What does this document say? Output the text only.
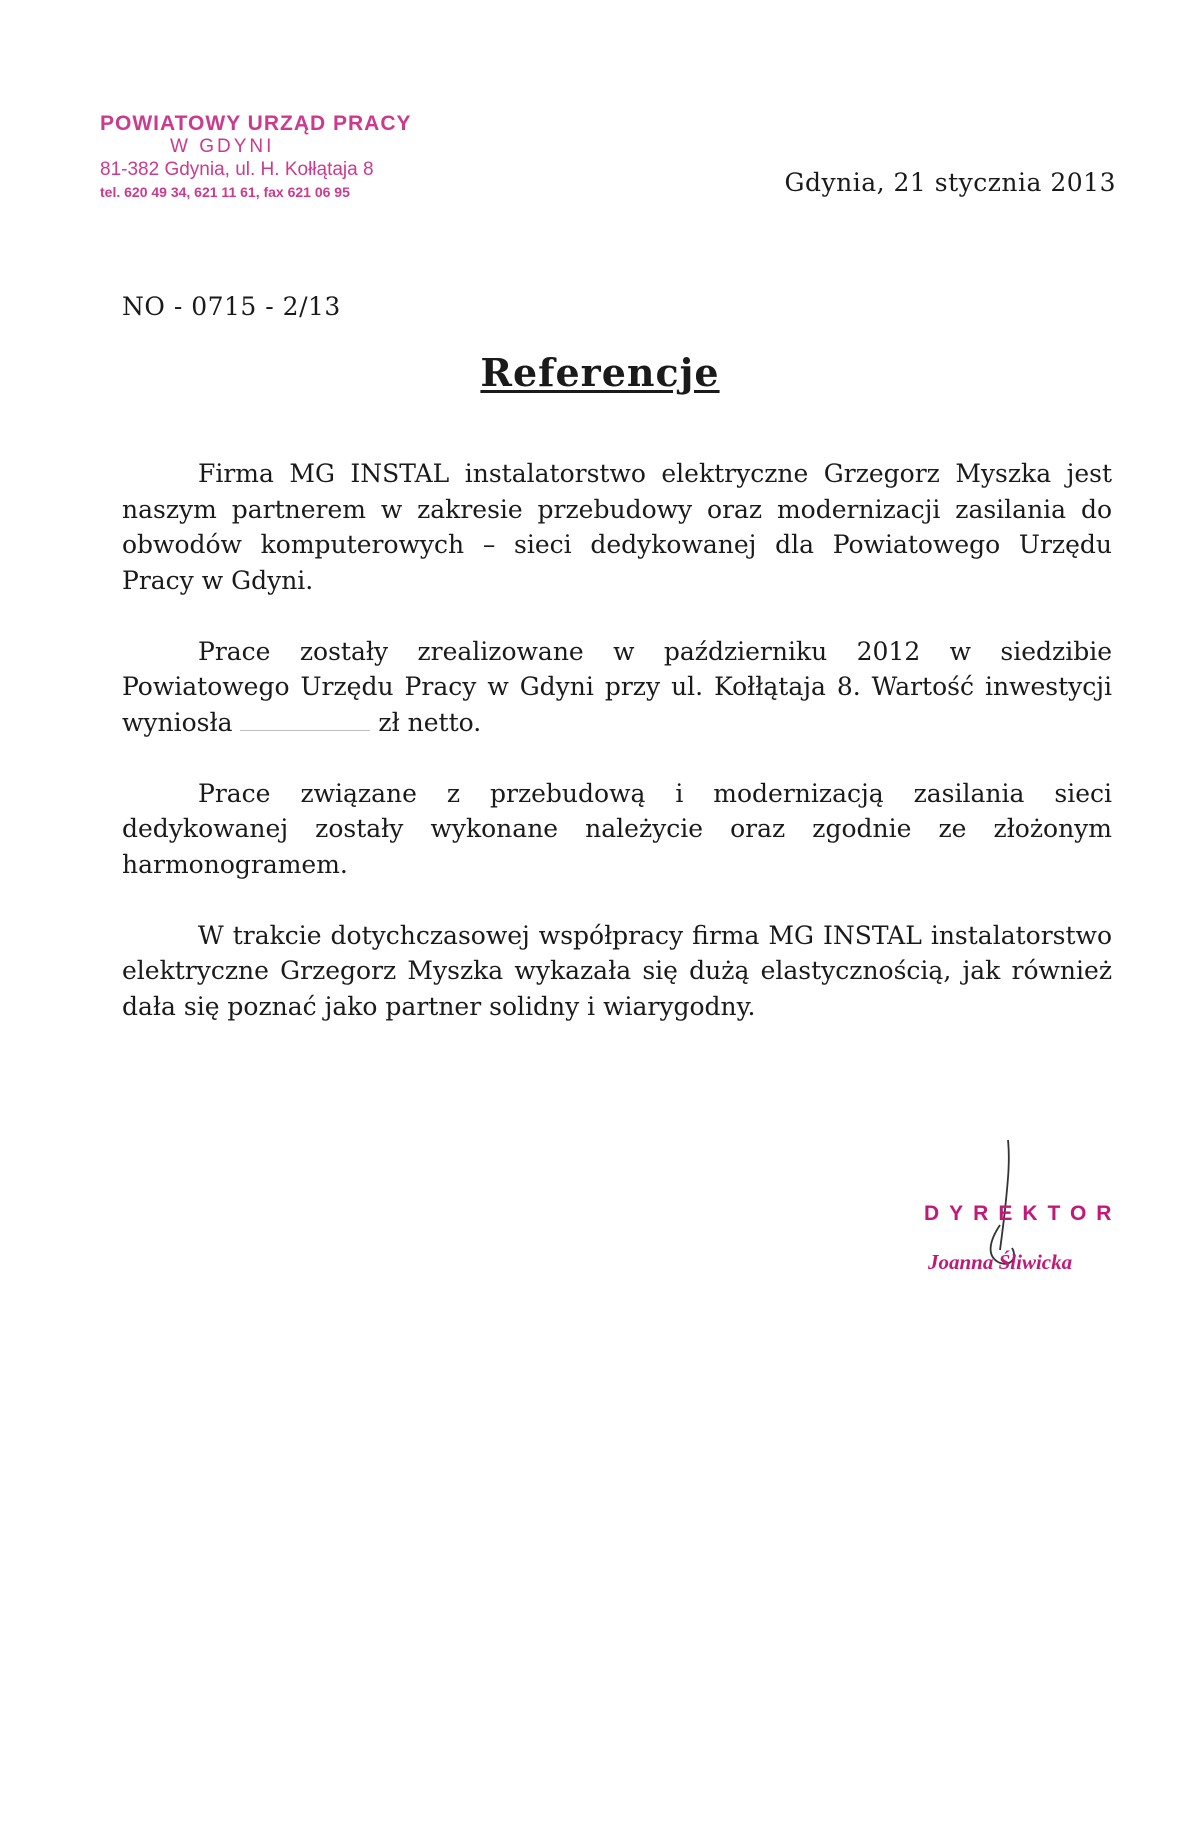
POWIATOWY URZĄD PRACY
W GDYNI
81-382 Gdynia, ul. H. Kołłątaja 8
tel. 620 49 34, 621 11 61, fax 621 06 95	Gdynia, 21 stycznia 2013
NO - 0715 - 2/13
Referencje

Firma MG INSTAL instalatorstwo elektryczne Grzegorz Myszka jest naszym partnerem w zakresie przebudowy oraz modernizacji zasilania do obwodów komputerowych – sieci dedykowanej dla Powiatowego Urzędu Pracy w Gdyni.

Prace zostały zrealizowane w październiku 2012 w siedzibie Powiatowego Urzędu Pracy w Gdyni przy ul. Kołłątaja 8. Wartość inwestycji wyniosła	zł netto.

Prace związane z przebudową i modernizacją zasilania sieci dedykowanej zostały wykonane należycie oraz zgodnie ze złożonym harmonogramem.

W trakcie dotychczasowej współpracy firma MG INSTAL instalatorstwo elektryczne Grzegorz Myszka wykazała się dużą elastycznością, jak również dała się poznać jako partner solidny i wiarygodny.

DYREKTOR
Joanna Śliwicka
